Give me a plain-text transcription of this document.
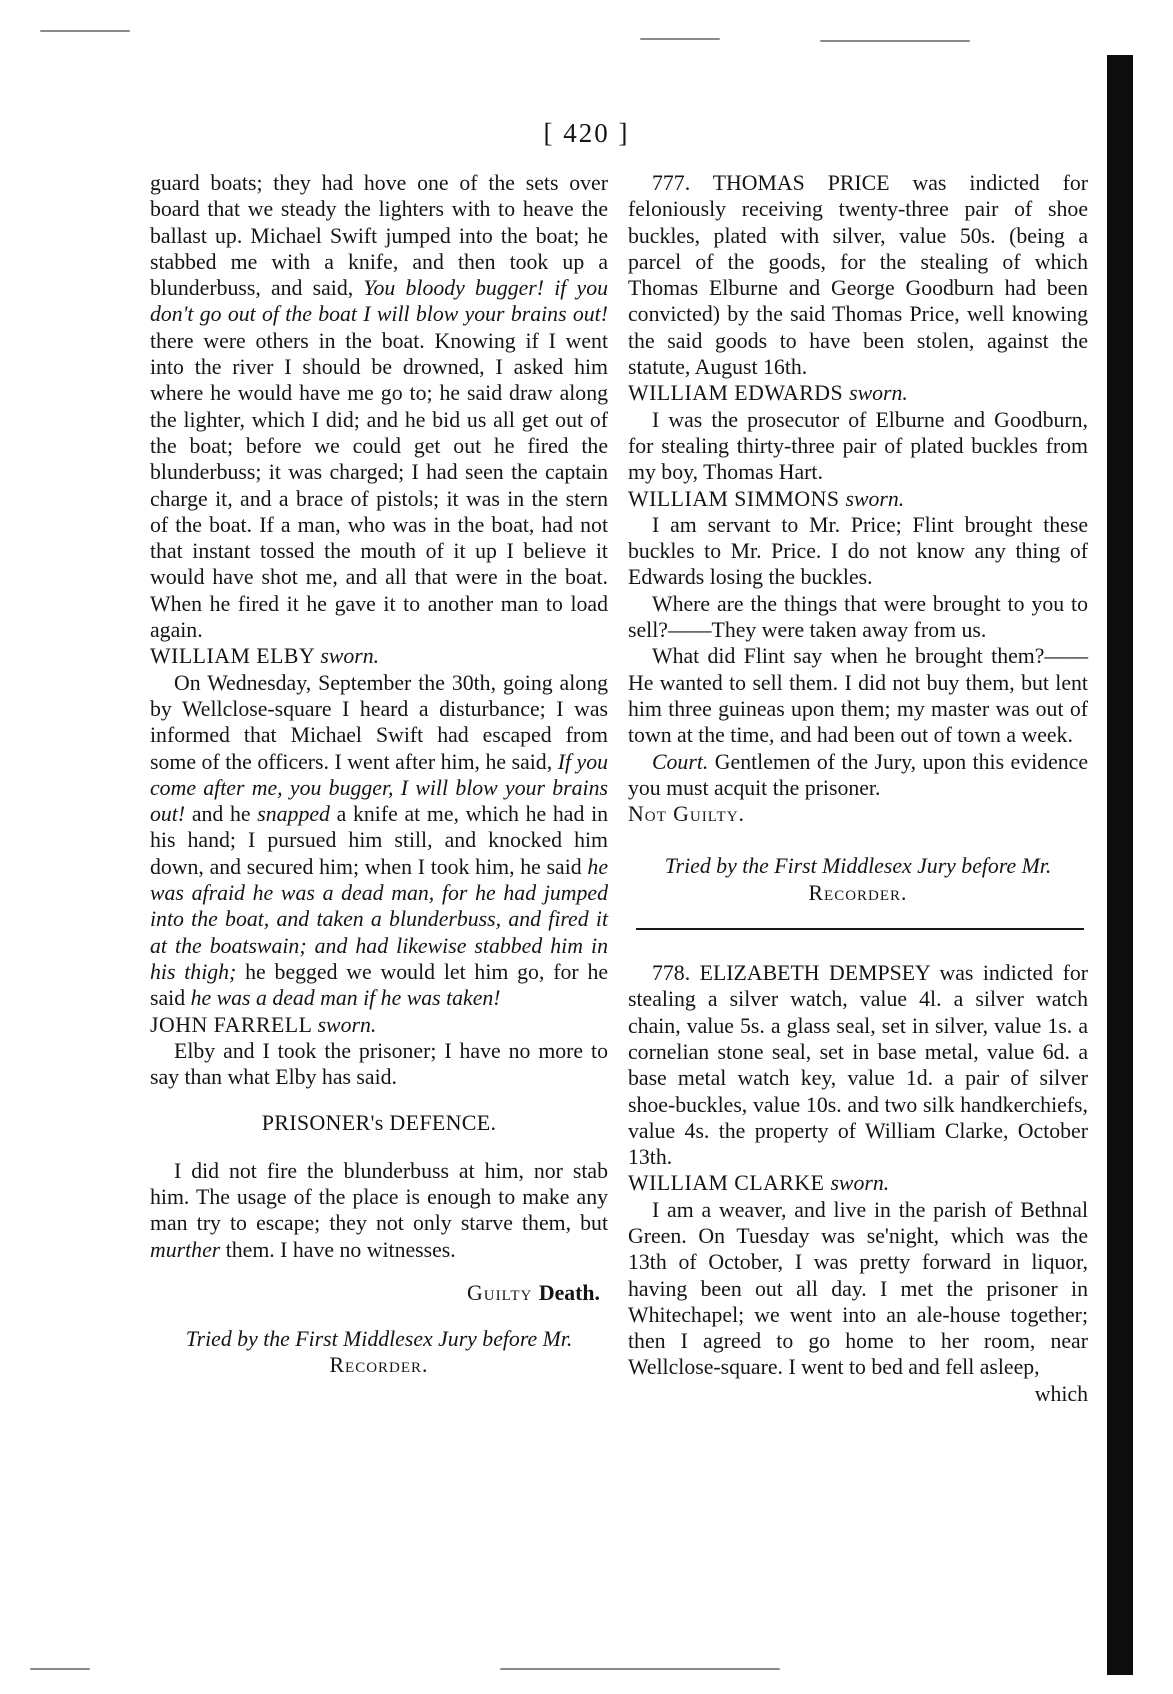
[ 420 ]

guard boats; they had hove one of the sets over board that we steady the lighters with to heave the ballast up. Michael Swift jumped into the boat; he stabbed me with a knife, and then took up a blunderbuss, and said, You bloody bugger! if you don't go out of the boat I will blow your brains out! there were others in the boat. Knowing if I went into the river I should be drowned, I asked him where he would have me go to; he said draw along the lighter, which I did; and he bid us all get out of the boat; before we could get out he fired the blunderbuss; it was charged; I had seen the captain charge it, and a brace of pistols; it was in the stern of the boat. If a man, who was in the boat, had not that instant tossed the mouth of it up I believe it would have shot me, and all that were in the boat. When he fired it he gave it to another man to load again.

WILLIAM ELBY sworn.

On Wednesday, September the 30th, going along by Wellclose-square I heard a disturbance; I was informed that Michael Swift had escaped from some of the officers. I went after him, he said, If you come after me, you bugger, I will blow your brains out! and he snapped a knife at me, which he had in his hand; I pursued him still, and knocked him down, and secured him; when I took him, he said he was afraid he was a dead man, for he had jumped into the boat, and taken a blunderbuss, and fired it at the boatswain; and had likewise stabbed him in his thigh; he begged we would let him go, for he said he was a dead man if he was taken!

JOHN FARRELL sworn.

Elby and I took the prisoner; I have no more to say than what Elby has said.

PRISONER's DEFENCE.

I did not fire the blunderbuss at him, nor stab him. The usage of the place is enough to make any man try to escape; they not only starve them, but murther them. I have no witnesses.

Guilty Death.
Tried by the First Middlesex Jury before Mr.
Recorder.

777. THOMAS PRICE was indicted for feloniously receiving twenty-three pair of shoe buckles, plated with silver, value 50s. (being a parcel of the goods, for the stealing of which Thomas Elburne and George Goodburn had been convicted) by the said Thomas Price, well knowing the said goods to have been stolen, against the statute, August 16th.

WILLIAM EDWARDS sworn.

I was the prosecutor of Elburne and Goodburn, for stealing thirty-three pair of plated buckles from my boy, Thomas Hart.

WILLIAM SIMMONS sworn.

I am servant to Mr. Price; Flint brought these buckles to Mr. Price. I do not know any thing of Edwards losing the buckles.

Where are the things that were brought to you to sell?——They were taken away from us.

What did Flint say when he brought them?——He wanted to sell them. I did not buy them, but lent him three guineas upon them; my master was out of town at the time, and had been out of town a week.

Court. Gentlemen of the Jury, upon this evidence you must acquit the prisoner.

Not Guilty.

Tried by the First Middlesex Jury before Mr.
Recorder.

778. ELIZABETH DEMPSEY was indicted for stealing a silver watch, value 4l. a silver watch chain, value 5s. a glass seal, set in silver, value 1s. a cornelian stone seal, set in base metal, value 6d. a base metal watch key, value 1d. a pair of silver shoe-buckles, value 10s. and two silk handkerchiefs, value 4s. the property of William Clarke, October 13th.

WILLIAM CLARKE sworn.

I am a weaver, and live in the parish of Bethnal Green. On Tuesday was se'night, which was the 13th of October, I was pretty forward in liquor, having been out all day. I met the prisoner in Whitechapel; we went into an ale-house together; then I agreed to go home to her room, near Wellclose-square. I went to bed and fell asleep,

which
